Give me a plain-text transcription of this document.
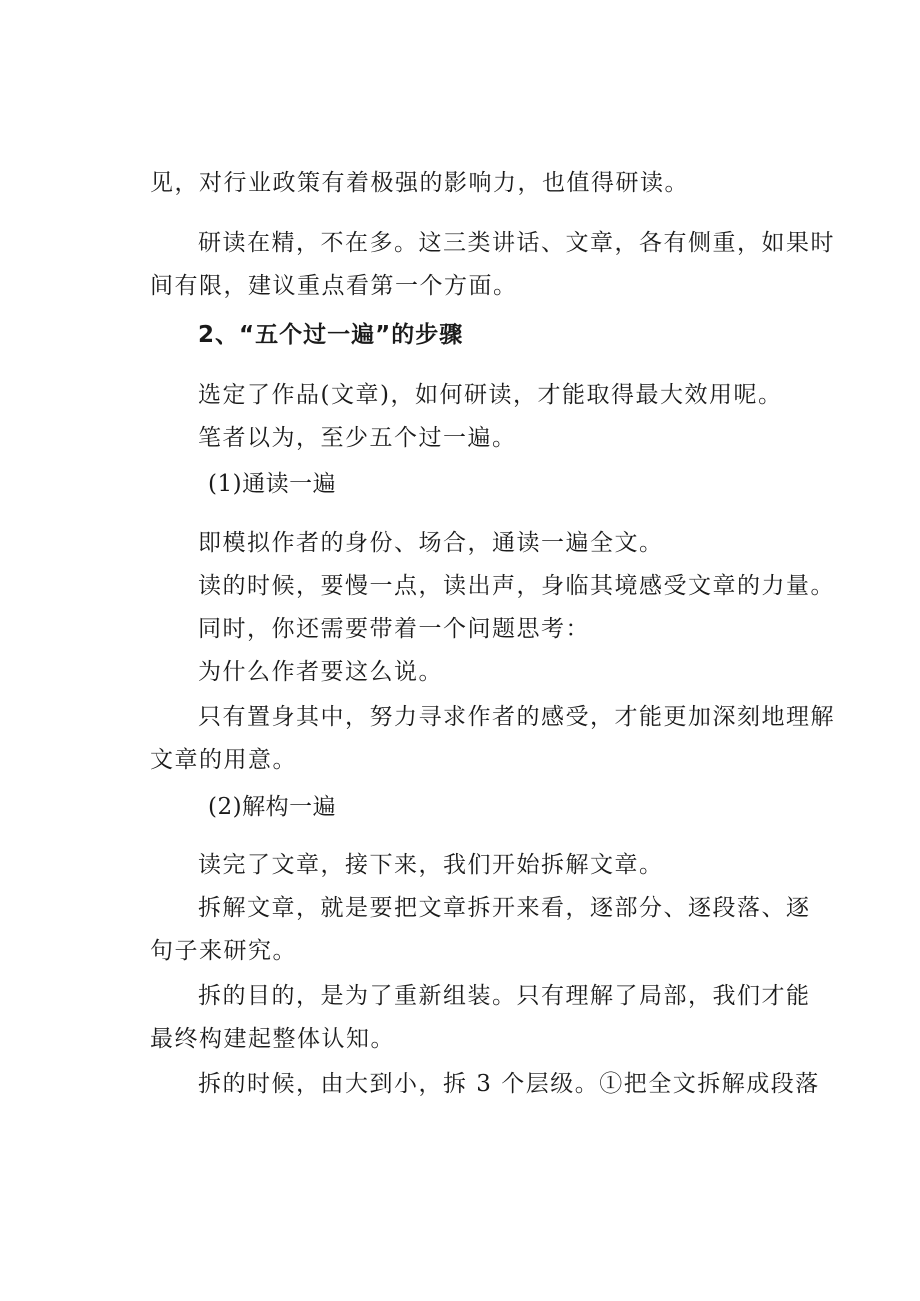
见，对行业政策有着极强的影响力，也值得研读。
研读在精，不在多。这三类讲话、文章，各有侧重，如果时
间有限，建议重点看第一个方面。
2、“五个过一遍”的步骤
选定了作品(文章)，如何研读，才能取得最大效用呢。
笔者以为，至少五个过一遍。
(1)通读一遍
即模拟作者的身份、场合，通读一遍全文。
读的时候，要慢一点，读出声，身临其境感受文章的力量。
同时，你还需要带着一个问题思考：
为什么作者要这么说。
只有置身其中，努力寻求作者的感受，才能更加深刻地理解
文章的用意。
(2)解构一遍
读完了文章，接下来，我们开始拆解文章。
拆解文章，就是要把文章拆开来看，逐部分、逐段落、逐
句子来研究。
拆的目的，是为了重新组装。只有理解了局部，我们才能
最终构建起整体认知。
拆的时候，由大到小，拆 3 个层级。①把全文拆解成段落
